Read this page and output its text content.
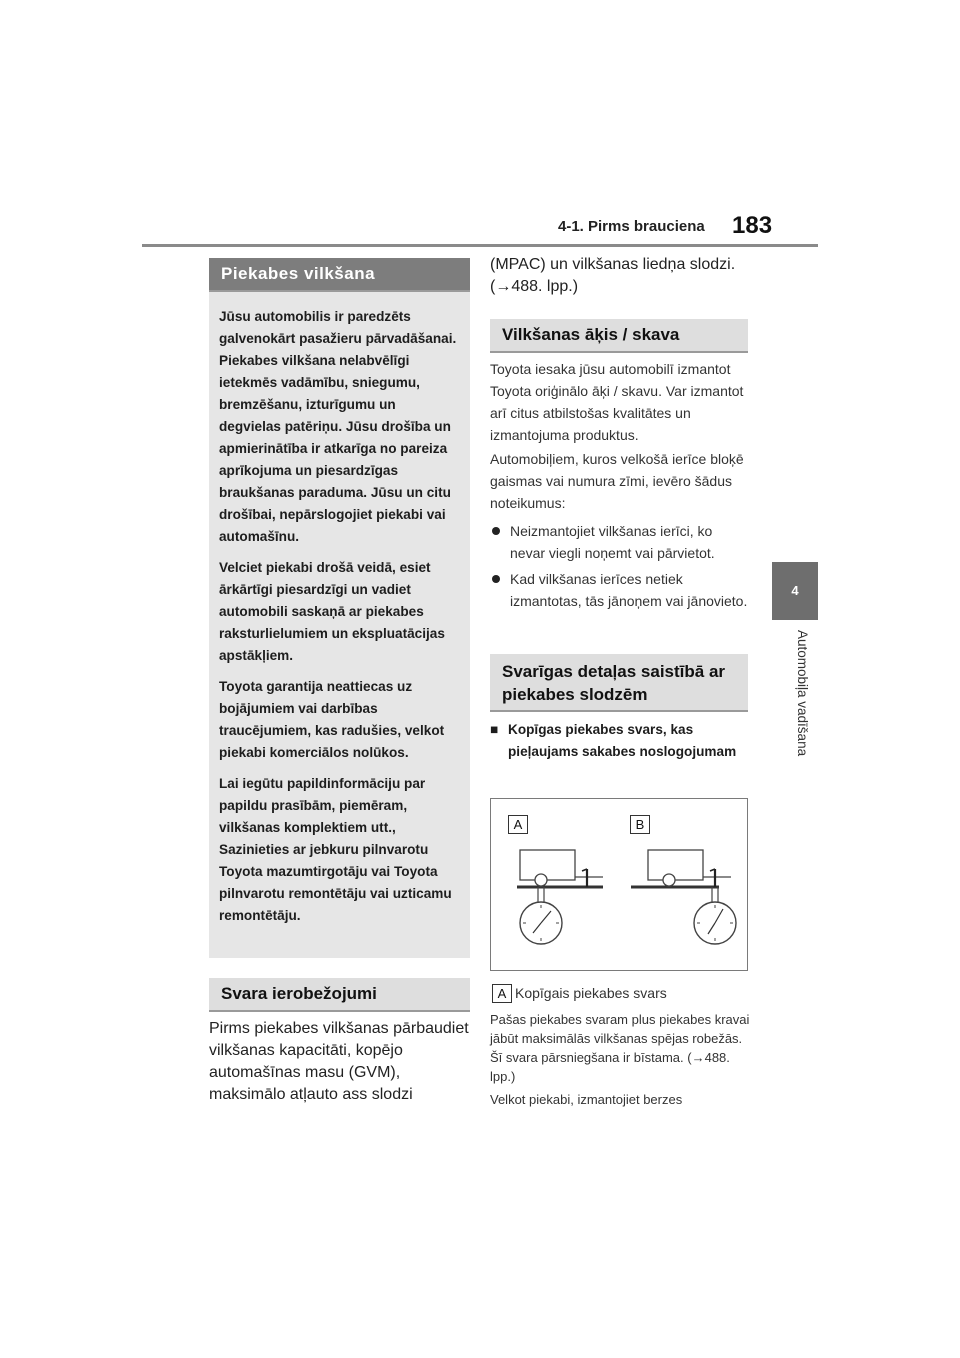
4-1. Pirms brauciena 183
4
Automobiļa vadīšana
Piekabes vilkšana

Jūsu automobilis ir paredzēts galvenokārt pasažieru pārvadāšanai. Piekabes vilkšana nelabvēlīgi ietekmēs vadāmību, sniegumu, bremzēšanu, izturīgumu un degvielas patēriņu. Jūsu drošība un apmierinātība ir atkarīga no pareiza aprīkojuma un piesardzīgas braukšanas paraduma. Jūsu un citu drošībai, nepārslogojiet piekabi vai automašīnu.

Velciet piekabi drošā veidā, esiet ārkārtīgi piesardzīgi un vadiet automobili saskaņā ar piekabes raksturlielumiem un ekspluatācijas apstākļiem.

Toyota garantija neattiecas uz bojājumiem vai darbības traucējumiem, kas radušies, velkot piekabi komerciālos nolūkos.

Lai iegūtu papildinformāciju par papildu prasībām, piemēram, vilkšanas komplektiem utt., Sazinieties ar jebkuru pilnvarotu Toyota mazumtirgotāju vai Toyota pilnvarotu remontētāju vai uzticamu remontētāju.

Svara ierobežojumi
Pirms piekabes vilkšanas pārbaudiet vilkšanas kapacitāti, kopējo automašīnas masu (GVM), maksimālo atļauto ass slodzi
(MPAC) un vilkšanas liedņa slodzi. (→488. lpp.)
Vilkšanas āķis / skava
Toyota iesaka jūsu automobilī izmantot Toyota oriģinālo āķi / skavu. Var izmantot arī citus atbilstošas kvalitātes un izmantojuma produktus.
Automobiļiem, kuros velkošā ierīce bloķē gaismas vai numura zīmi, ievēro šādus noteikumus:
Neizmantojiet vilkšanas ierīci, ko nevar viegli noņemt vai pārvietot.
Kad vilkšanas ierīces netiek izmantotas, tās jānoņem vai jānovieto.
Svarīgas detaļas saistībā ar piekabes slodzēm
■ Kopīgas piekabes svars, kas pieļaujams sakabes noslogojumam
A	B
A Kopīgais piekabes svars
Pašas piekabes svaram plus piekabes kravai jābūt maksimālās vilkšanas spējas robežās. Šī svara pārsniegšana ir bīstama. (→488. lpp.)
Velkot piekabi, izmantojiet berzes
